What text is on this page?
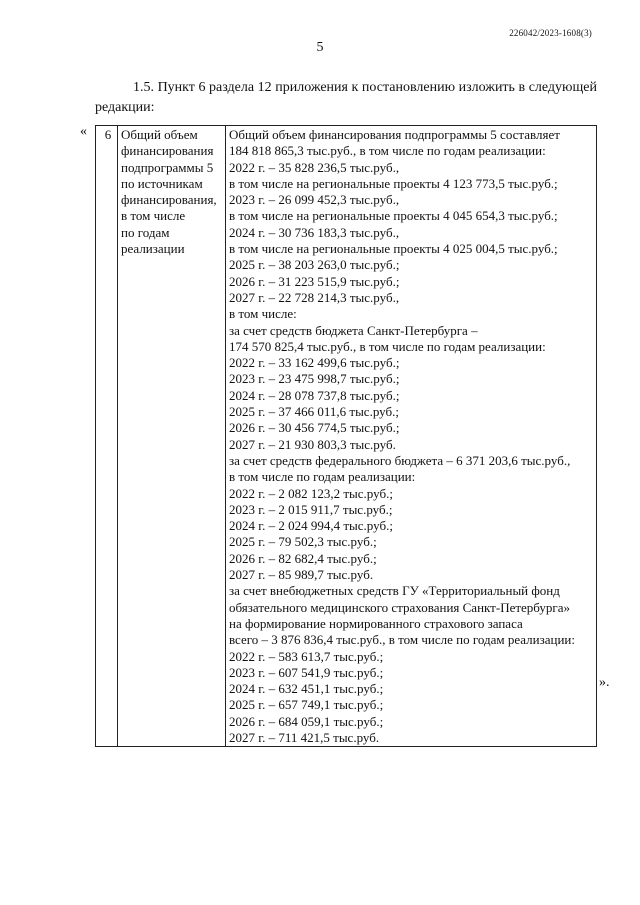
226042/2023-1608(3)
5
1.5. Пункт 6 раздела 12 приложения к постановлению изложить в следующей
редакции:
« 6	Общий объем
финансирования
подпрограммы 5
по источникам
финансирования,
в том числе
по годам
реализации

Общий объем финансирования подпрограммы 5 составляет
184 818 865,3 тыс.руб., в том числе по годам реализации:
2022 г. – 35 828 236,5 тыс.руб.,
в том числе на региональные проекты 4 123 773,5 тыс.руб.;
2023 г. – 26 099 452,3 тыс.руб.,
в том числе на региональные проекты 4 045 654,3 тыс.руб.;
2024 г. – 30 736 183,3 тыс.руб.,
в том числе на региональные проекты 4 025 004,5 тыс.руб.;
2025 г. – 38 203 263,0 тыс.руб.;
2026 г. – 31 223 515,9 тыс.руб.;
2027 г. – 22 728 214,3 тыс.руб.,
в том числе:
за счет средств бюджета Санкт-Петербурга –
174 570 825,4 тыс.руб., в том числе по годам реализации:
2022 г. – 33 162 499,6 тыс.руб.;
2023 г. – 23 475 998,7 тыс.руб.;
2024 г. – 28 078 737,8 тыс.руб.;
2025 г. – 37 466 011,6 тыс.руб.;
2026 г. – 30 456 774,5 тыс.руб.;
2027 г. – 21 930 803,3 тыс.руб.
за счет средств федерального бюджета – 6 371 203,6 тыс.руб.,
в том числе по годам реализации:
2022 г. – 2 082 123,2 тыс.руб.;
2023 г. – 2 015 911,7 тыс.руб.;
2024 г. – 2 024 994,4 тыс.руб.;
2025 г. – 79 502,3 тыс.руб.;
2026 г. – 82 682,4 тыс.руб.;
2027 г. – 85 989,7 тыс.руб.
за счет внебюджетных средств ГУ «Территориальный фонд
обязательного медицинского страхования Санкт-Петербурга»
на формирование нормированного страхового запаса
всего – 3 876 836,4 тыс.руб., в том числе по годам реализации:
2022 г. – 583 613,7 тыс.руб.;
2023 г. – 607 541,9 тыс.руб.;
2024 г. – 632 451,1 тыс.руб.;
2025 г. – 657 749,1 тыс.руб.;
2026 г. – 684 059,1 тыс.руб.;
2027 г. – 711 421,5 тыс.руб.
».
